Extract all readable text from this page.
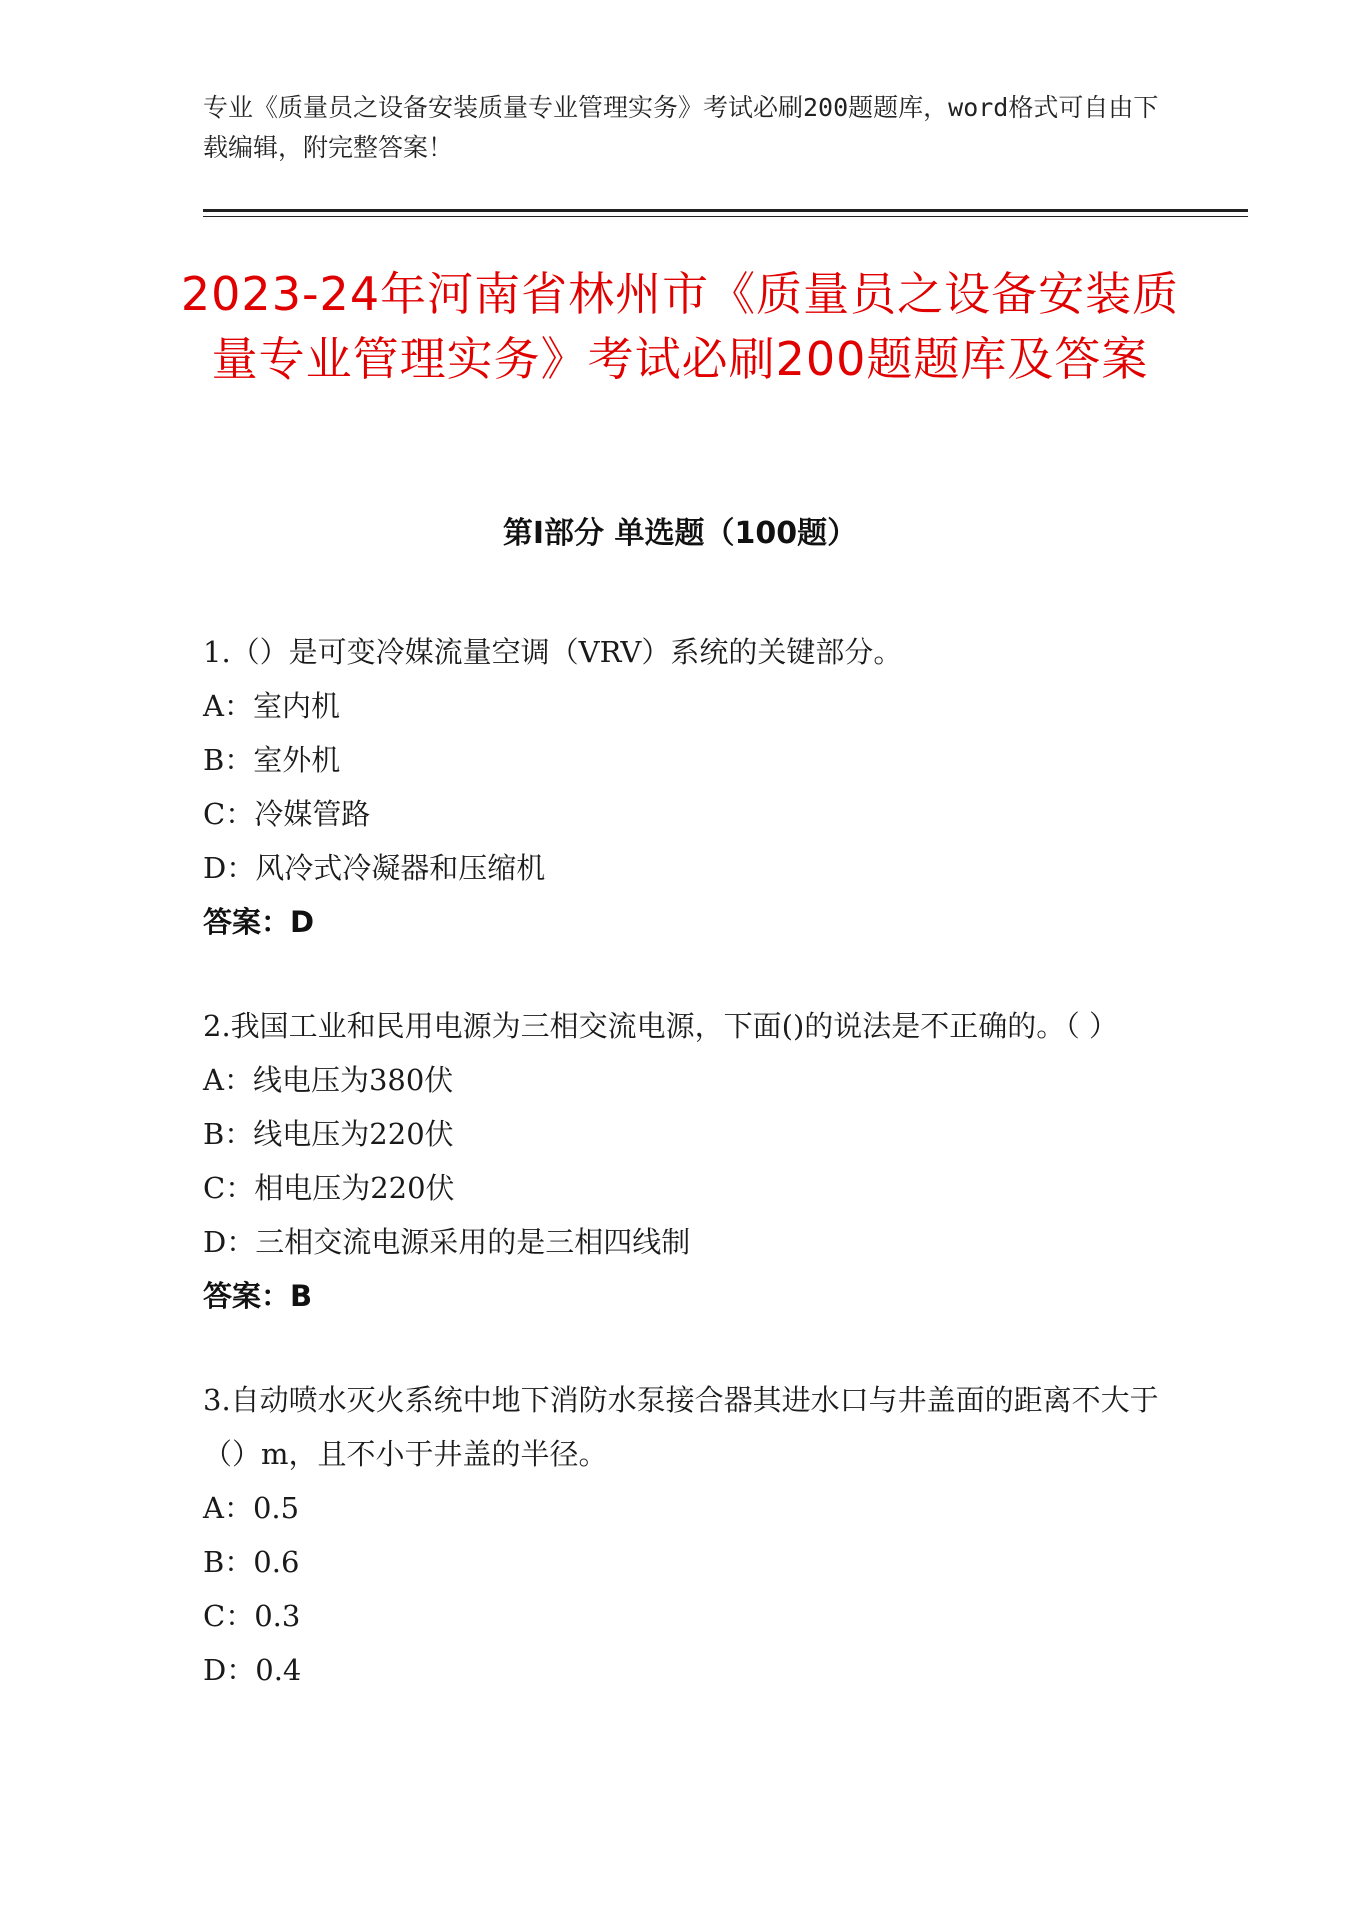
专业《质量员之设备安装质量专业管理实务》考试必刷200题题库，word格式可自由下载编辑，附完整答案！
2023-24年河南省林州市《质量员之设备安装质量专业管理实务》考试必刷200题题库及答案
第Ⅰ部分 单选题（100题）
1.（）是可变冷媒流量空调（VRV）系统的关键部分。
A：室内机
B：室外机
C：冷媒管路
D：风冷式冷凝器和压缩机
答案：D
2.我国工业和民用电源为三相交流电源，下面()的说法是不正确的。（ ）
A：线电压为380伏
B：线电压为220伏
C：相电压为220伏
D：三相交流电源采用的是三相四线制
答案：B
3.自动喷水灭火系统中地下消防水泵接合器其进水口与井盖面的距离不大于（）m，且不小于井盖的半径。
A：0.5
B：0.6
C：0.3
D：0.4
